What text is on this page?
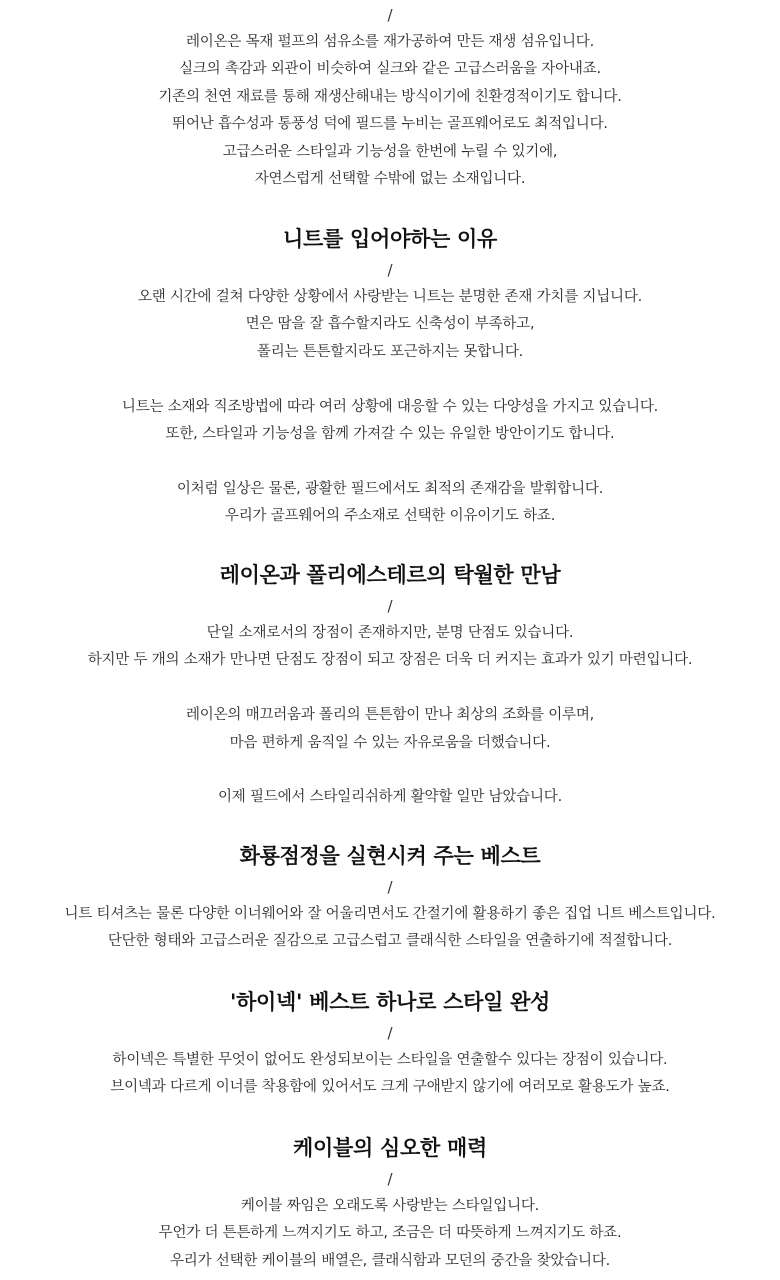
/

레이온은 목재 펄프의 섬유소를 재가공하여 만든 재생 섬유입니다.

실크의 촉감과 외관이 비슷하여 실크와 같은 고급스러움을 자아내죠.

기존의 천연 재료를 통해 재생산해내는 방식이기에 친환경적이기도 합니다.

뛰어난 흡수성과 통풍성 덕에 필드를 누비는 골프웨어로도 최적입니다.

고급스러운 스타일과 기능성을 한번에 누릴 수 있기에,

자연스럽게 선택할 수밖에 없는 소재입니다.

니트를 입어야하는 이유

/

오랜 시간에 걸쳐 다양한 상황에서 사랑받는 니트는 분명한 존재 가치를 지닙니다.

면은 땀을 잘 흡수할지라도 신축성이 부족하고,

폴리는 튼튼할지라도 포근하지는 못합니다.

니트는 소재와 직조방법에 따라 여러 상황에 대응할 수 있는 다양성을 가지고 있습니다.

또한, 스타일과 기능성을 함께 가져갈 수 있는 유일한 방안이기도 합니다.

이처럼 일상은 물론, 광활한 필드에서도 최적의 존재감을 발휘합니다.

우리가 골프웨어의 주소재로 선택한 이유이기도 하죠.

레이온과 폴리에스테르의 탁월한 만남

/

단일 소재로서의 장점이 존재하지만, 분명 단점도 있습니다.

하지만 두 개의 소재가 만나면 단점도 장점이 되고 장점은 더욱 더 커지는 효과가 있기 마련입니다.

레이온의 매끄러움과 폴리의 튼튼함이 만나 최상의 조화를 이루며,

마음 편하게 움직일 수 있는 자유로움을 더했습니다.

이제 필드에서 스타일리쉬하게 활약할 일만 남았습니다.

화룡점정을 실현시켜 주는 베스트

/

니트 티셔츠는 물론 다양한 이너웨어와 잘 어울리면서도 간절기에 활용하기 좋은 집업 니트 베스트입니다.

단단한 형태와 고급스러운 질감으로 고급스럽고 클래식한 스타일을 연출하기에 적절합니다.

'하이넥' 베스트 하나로 스타일 완성

/

하이넥은 특별한 무엇이 없어도 완성되보이는 스타일을 연출할수 있다는 장점이 있습니다.

브이넥과 다르게 이너를 착용함에 있어서도 크게 구애받지 않기에 여러모로 활용도가 높죠.

케이블의 심오한 매력

/

케이블 짜임은 오래도록 사랑받는 스타일입니다.

무언가 더 튼튼하게 느껴지기도 하고, 조금은 더 따뜻하게 느껴지기도 하죠.

우리가 선택한 케이블의 배열은, 클래식함과 모던의 중간을 찾았습니다.
